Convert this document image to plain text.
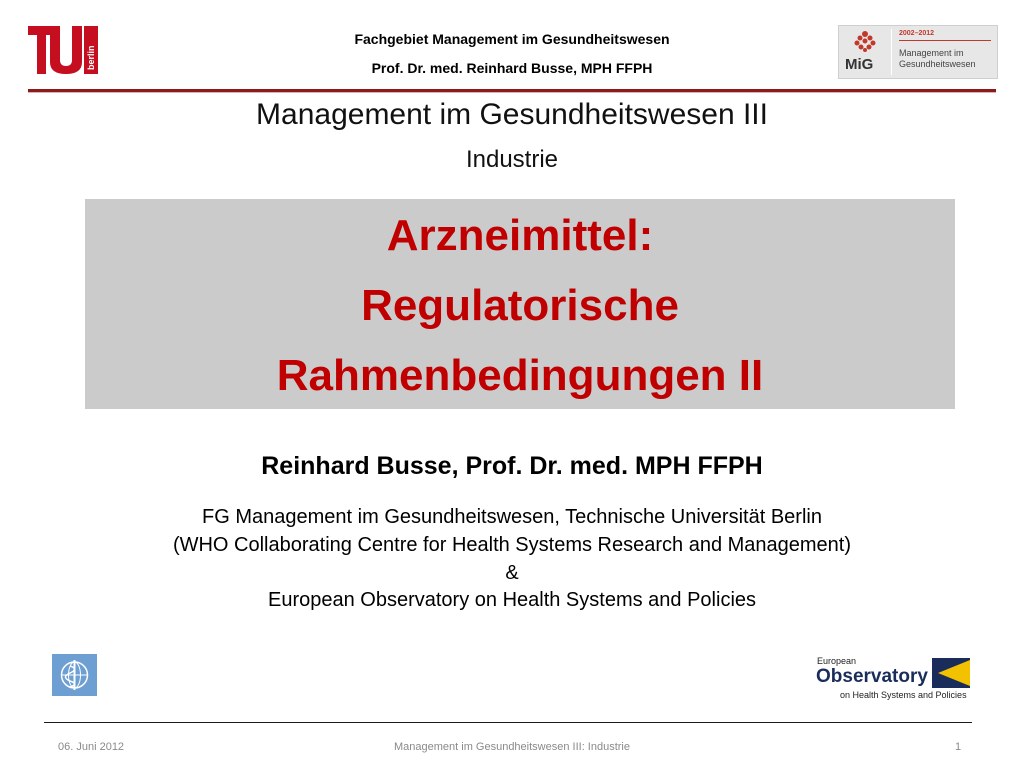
berlin
Fachgebiet Management im Gesundheitswesen
Prof. Dr. med. Reinhard Busse, MPH FFPH	MiG
2002–2012
Management im
Gesundheitswesen
Management im Gesundheitswesen III
Industrie
Arzneimittel:
Regulatorische
Rahmenbedingungen II
Reinhard Busse, Prof. Dr. med. MPH FFPH
FG Management im Gesundheitswesen, Technische Universität Berlin
(WHO Collaborating Centre for Health Systems Research and Management)
&
European Observatory on Health Systems and Policies
European
Observatory
on Health Systems and Policies
06. Juni 2012	Management im Gesundheitswesen III: Industrie	1
